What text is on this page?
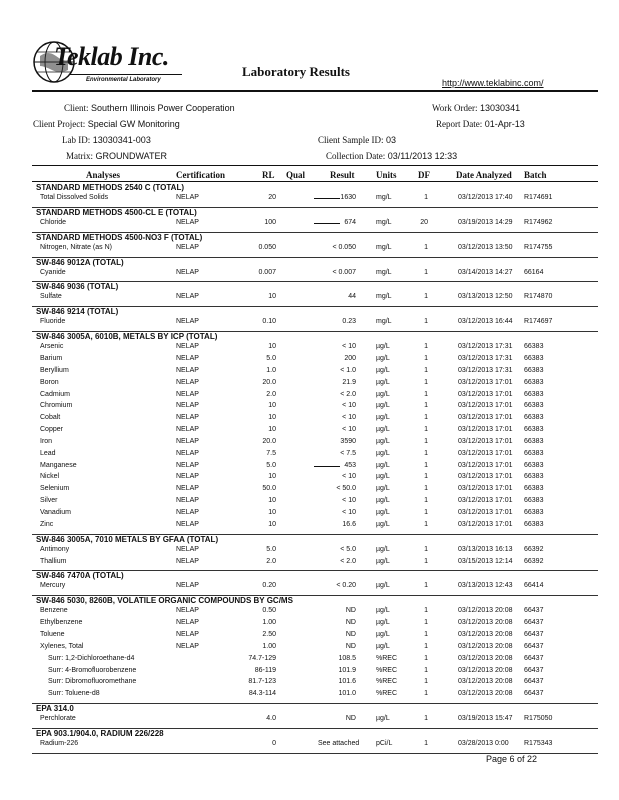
Teklab Inc.
Environmental Laboratory
Laboratory Results
http://www.teklabinc.com/
Client: Southern Illinois Power Cooperation	Work Order: 13030341
Client Project: Special GW Monitoring	Report Date: 01-Apr-13
Lab ID: 13030341-003	Client Sample ID: 03
Matrix: GROUNDWATER	Collection Date: 03/11/2013 12:33
Analyses	Certification	RL Qual	Result Units DF	Date Analyzed Batch
STANDARD METHODS 2540 C (TOTAL)
Total Dissolved Solids	NELAP	20	1630	mg/L	1	03/12/2013 17:40 R174691
STANDARD METHODS 4500-CL E (TOTAL)
Chloride	NELAP	100	674	mg/L	20	03/19/2013 14:29 R174962
STANDARD METHODS 4500-NO3 F (TOTAL)
Nitrogen, Nitrate (as N)	NELAP	0.050	< 0.050	mg/L	1	03/12/2013 13:50 R174755
SW-846 9012A (TOTAL)
Cyanide	NELAP	0.007	< 0.007	mg/L	1	03/14/2013 14:27 66164
SW-846 9036 (TOTAL)
Sulfate	NELAP	10	44	mg/L	1	03/13/2013 12:50 R174870
SW-846 9214 (TOTAL)
Fluoride	NELAP	0.10	0.23	mg/L	1	03/12/2013 16:44 R174697
SW-846 3005A, 6010B, METALS BY ICP (TOTAL)
Arsenic	NELAP	10	< 10	µg/L	1	03/12/2013 17:31 66383
Barium	NELAP	5.0	200	µg/L	1	03/12/2013 17:31 66383
Beryllium	NELAP	1.0	< 1.0	µg/L	1	03/12/2013 17:31 66383
Boron	NELAP	20.0	21.9	µg/L	1	03/12/2013 17:01 66383
Cadmium	NELAP	2.0	< 2.0	µg/L	1	03/12/2013 17:01 66383
Chromium	NELAP	10	< 10	µg/L	1	03/12/2013 17:01 66383
Cobalt	NELAP	10	< 10	µg/L	1	03/12/2013 17:01 66383
Copper	NELAP	10	< 10	µg/L	1	03/12/2013 17:01 66383
Iron	NELAP	20.0	3590	µg/L	1	03/12/2013 17:01 66383
Lead	NELAP	7.5	< 7.5	µg/L	1	03/12/2013 17:01 66383
Manganese	NELAP	5.0	453	µg/L	1	03/12/2013 17:01 66383
Nickel	NELAP	10	< 10	µg/L	1	03/12/2013 17:01 66383
Selenium	NELAP	50.0	< 50.0	µg/L	1	03/12/2013 17:01 66383
Silver	NELAP	10	< 10	µg/L	1	03/12/2013 17:01 66383
Vanadium	NELAP	10	< 10	µg/L	1	03/12/2013 17:01 66383
Zinc	NELAP	10	16.6	µg/L	1	03/12/2013 17:01 66383
SW-846 3005A, 7010 METALS BY GFAA (TOTAL)
Antimony	NELAP	5.0	< 5.0	µg/L	1	03/13/2013 16:13 66392
Thallium	NELAP	2.0	< 2.0	µg/L	1	03/15/2013 12:14 66392
SW-846 7470A (TOTAL)
Mercury	NELAP	0.20	< 0.20	µg/L	1	03/13/2013 12:43 66414
SW-846 5030, 8260B, VOLATILE ORGANIC COMPOUNDS BY GC/MS
Benzene	NELAP	0.50	ND	µg/L	1	03/12/2013 20:08 66437
Ethylbenzene	NELAP	1.00	ND	µg/L	1	03/12/2013 20:08 66437
Toluene	NELAP	2.50	ND	µg/L	1	03/12/2013 20:08 66437
Xylenes, Total	NELAP	1.00	ND	µg/L	1	03/12/2013 20:08 66437
Surr: 1,2-Dichloroethane-d4	74.7-129	108.5	%REC	1	03/12/2013 20:08 66437
Surr: 4-Bromofluorobenzene	86-119	101.9	%REC	1	03/12/2013 20:08 66437
Surr: Dibromofluoromethane	81.7-123	101.6	%REC	1	03/12/2013 20:08 66437
Surr: Toluene-d8	84.3-114	101.0	%REC	1	03/12/2013 20:08 66437
EPA 314.0
Perchlorate	4.0	ND	µg/L	1	03/19/2013 15:47 R175050
EPA 903.1/904.0, RADIUM 226/228
Radium-226	0	See attached pCi/L	1	03/28/2013 0:00 R175343
Page 6 of 22
